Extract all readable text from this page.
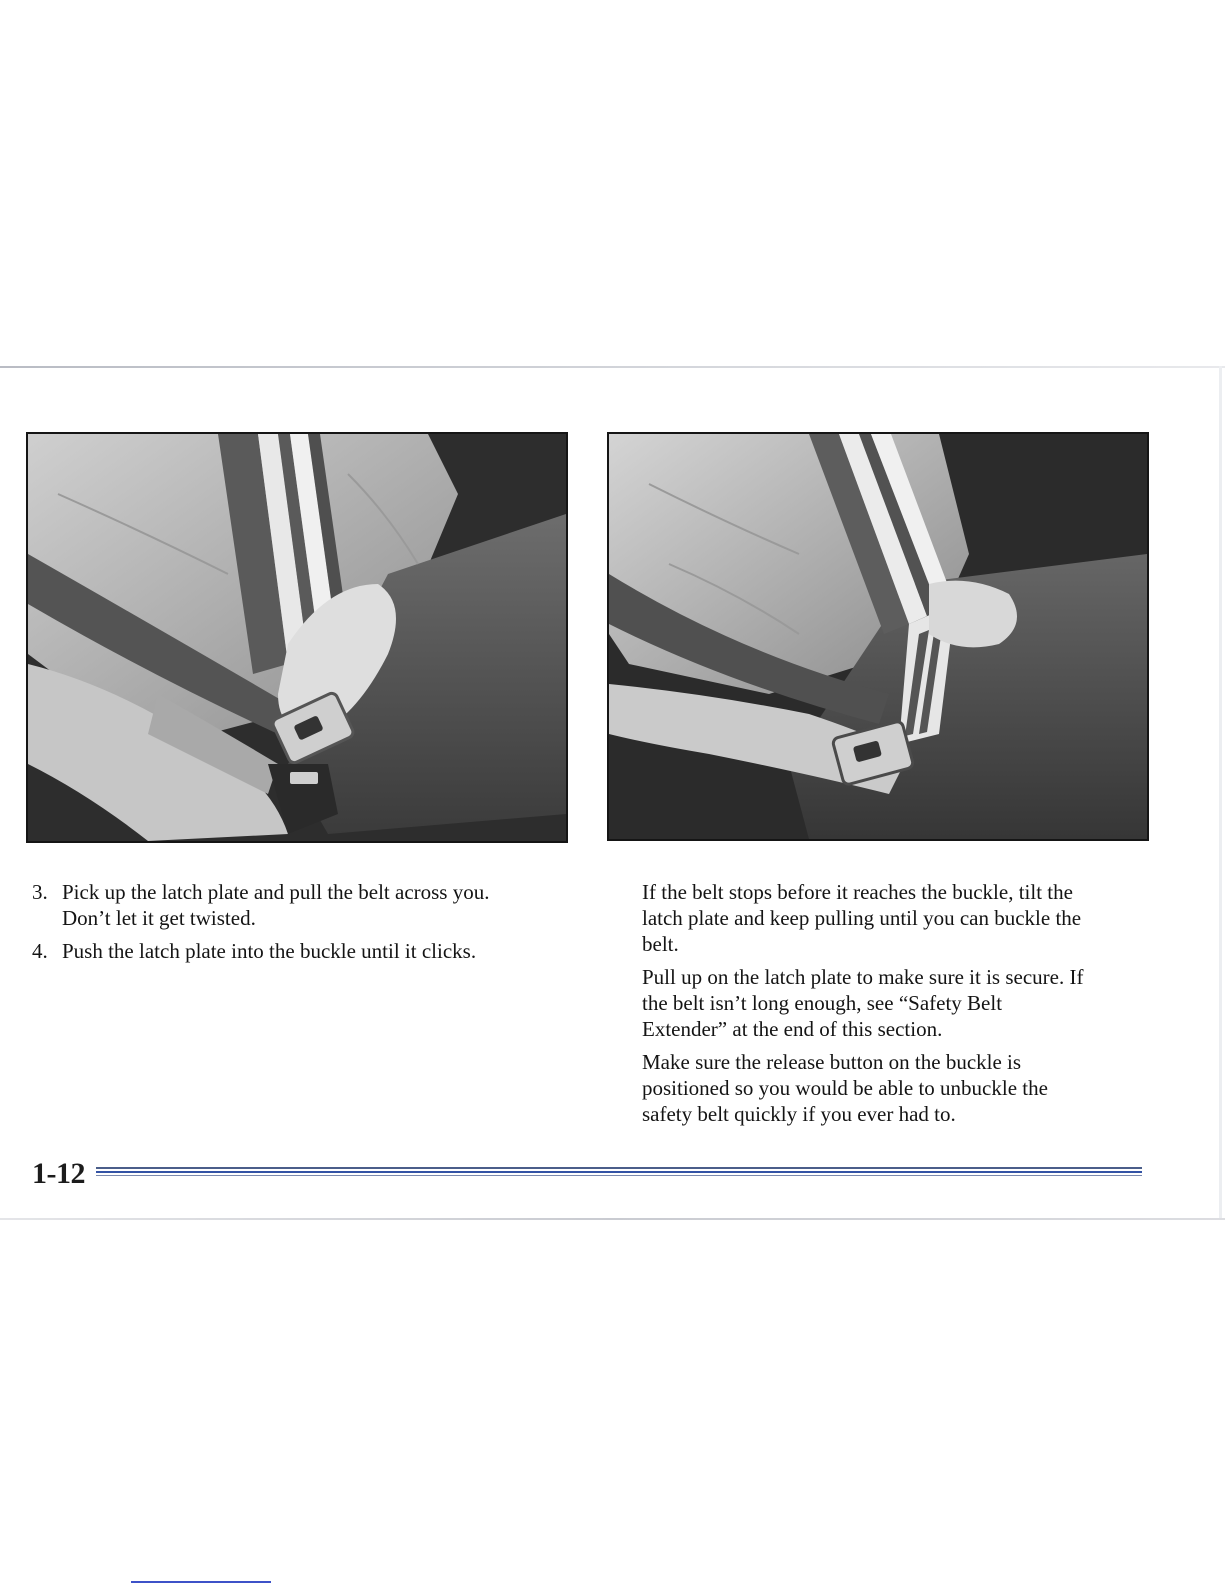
3. Pick up the latch plate and pull the belt across you.
Don’t let it get twisted.
4. Push the latch plate into the buckle until it clicks.
If the belt stops before it reaches the buckle, tilt the
latch plate and keep pulling until you can buckle the
belt.
Pull up on the latch plate to make sure it is secure. If
the belt isn’t long enough, see “Safety Belt
Extender” at the end of this section.
Make sure the release button on the buckle is
positioned so you would be able to unbuckle the
safety belt quickly if you ever had to.
1-12
